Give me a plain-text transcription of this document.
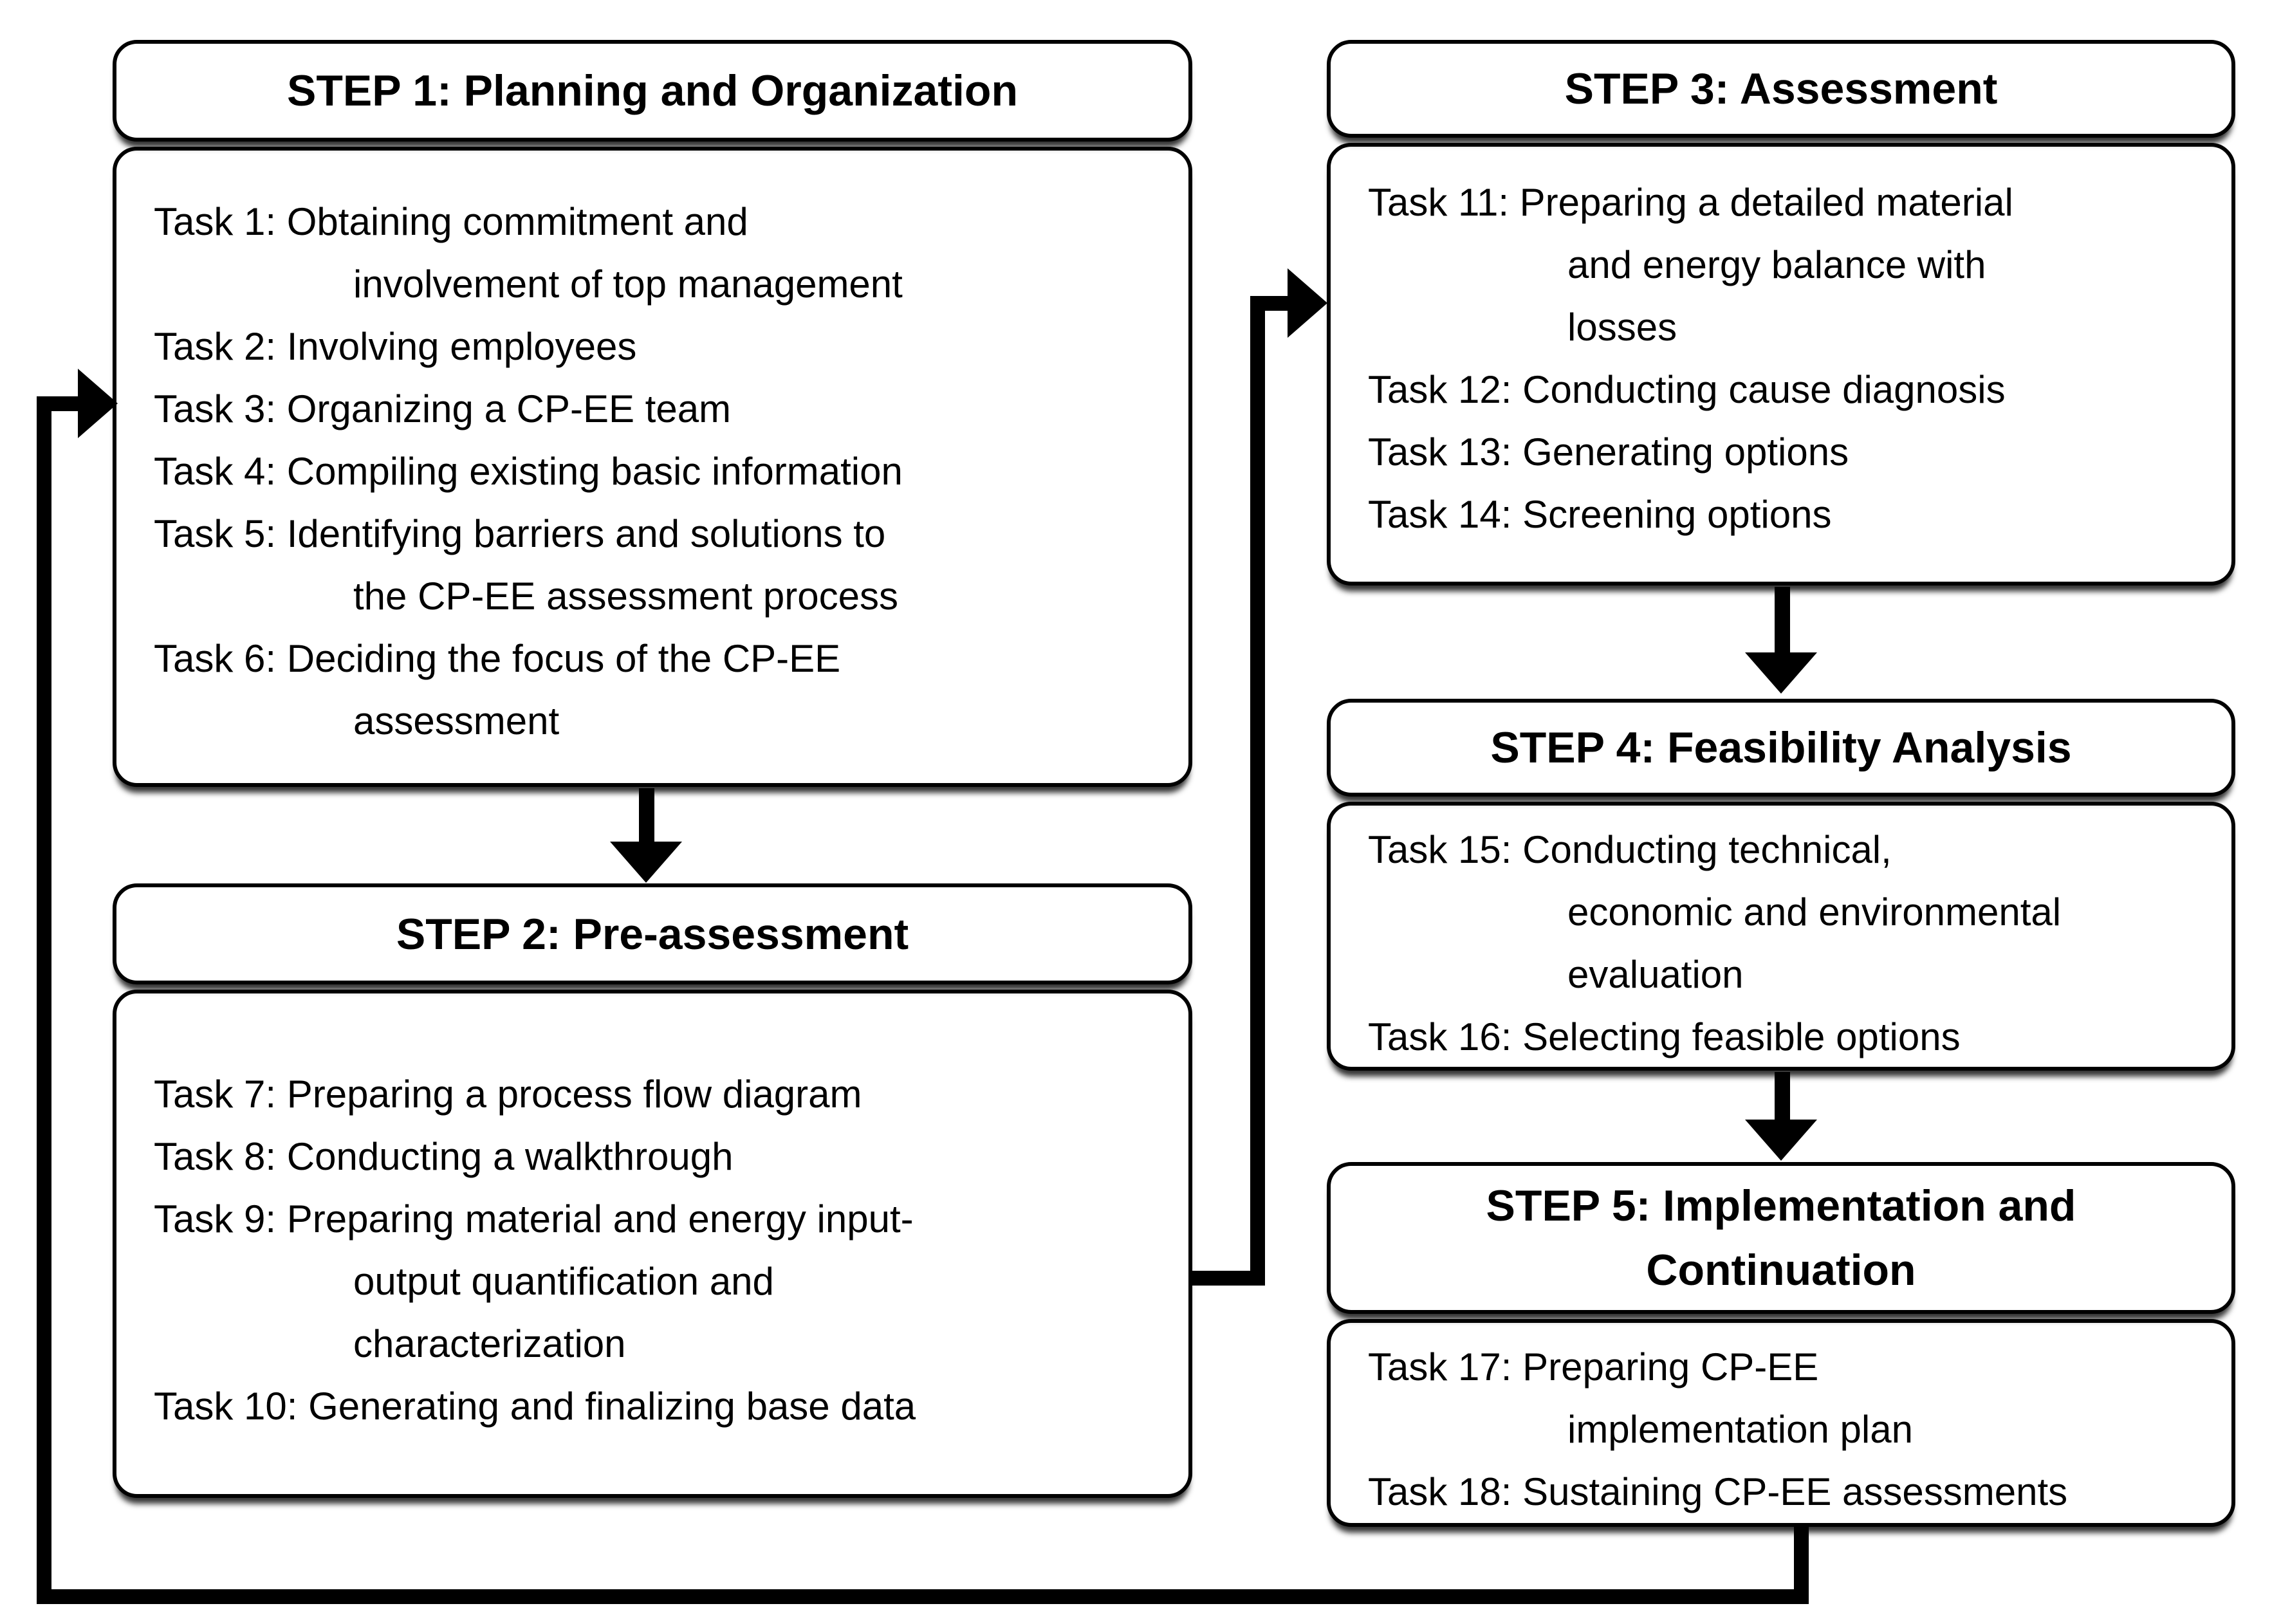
Task 1: Obtaining commitment and
involvement of top management
Task 2: Involving employees
Task 3: Organizing a CP-EE team
Task 4: Compiling existing basic information
Task 5: Identifying barriers and solutions to
the CP-EE assessment process
Task 6: Deciding the focus of the CP-EE
assessment
STEP 1: Planning and Organization
Task 7: Preparing a process flow diagram
Task 8: Conducting a walkthrough
Task 9: Preparing material and energy input-
output quantification and
characterization
Task 10: Generating and finalizing base data
STEP 2: Pre-assessment
Task 11: Preparing a detailed material
and energy balance with
losses
Task 12: Conducting cause diagnosis
Task 13: Generating options
Task 14: Screening options
STEP 3: Assessment
Task 15: Conducting technical,
economic and environmental
evaluation
Task 16: Selecting feasible options
STEP 4: Feasibility Analysis
Task 17: Preparing CP-EE
implementation plan
Task 18: Sustaining CP-EE assessments
STEP 5: Implementation and Continuation
